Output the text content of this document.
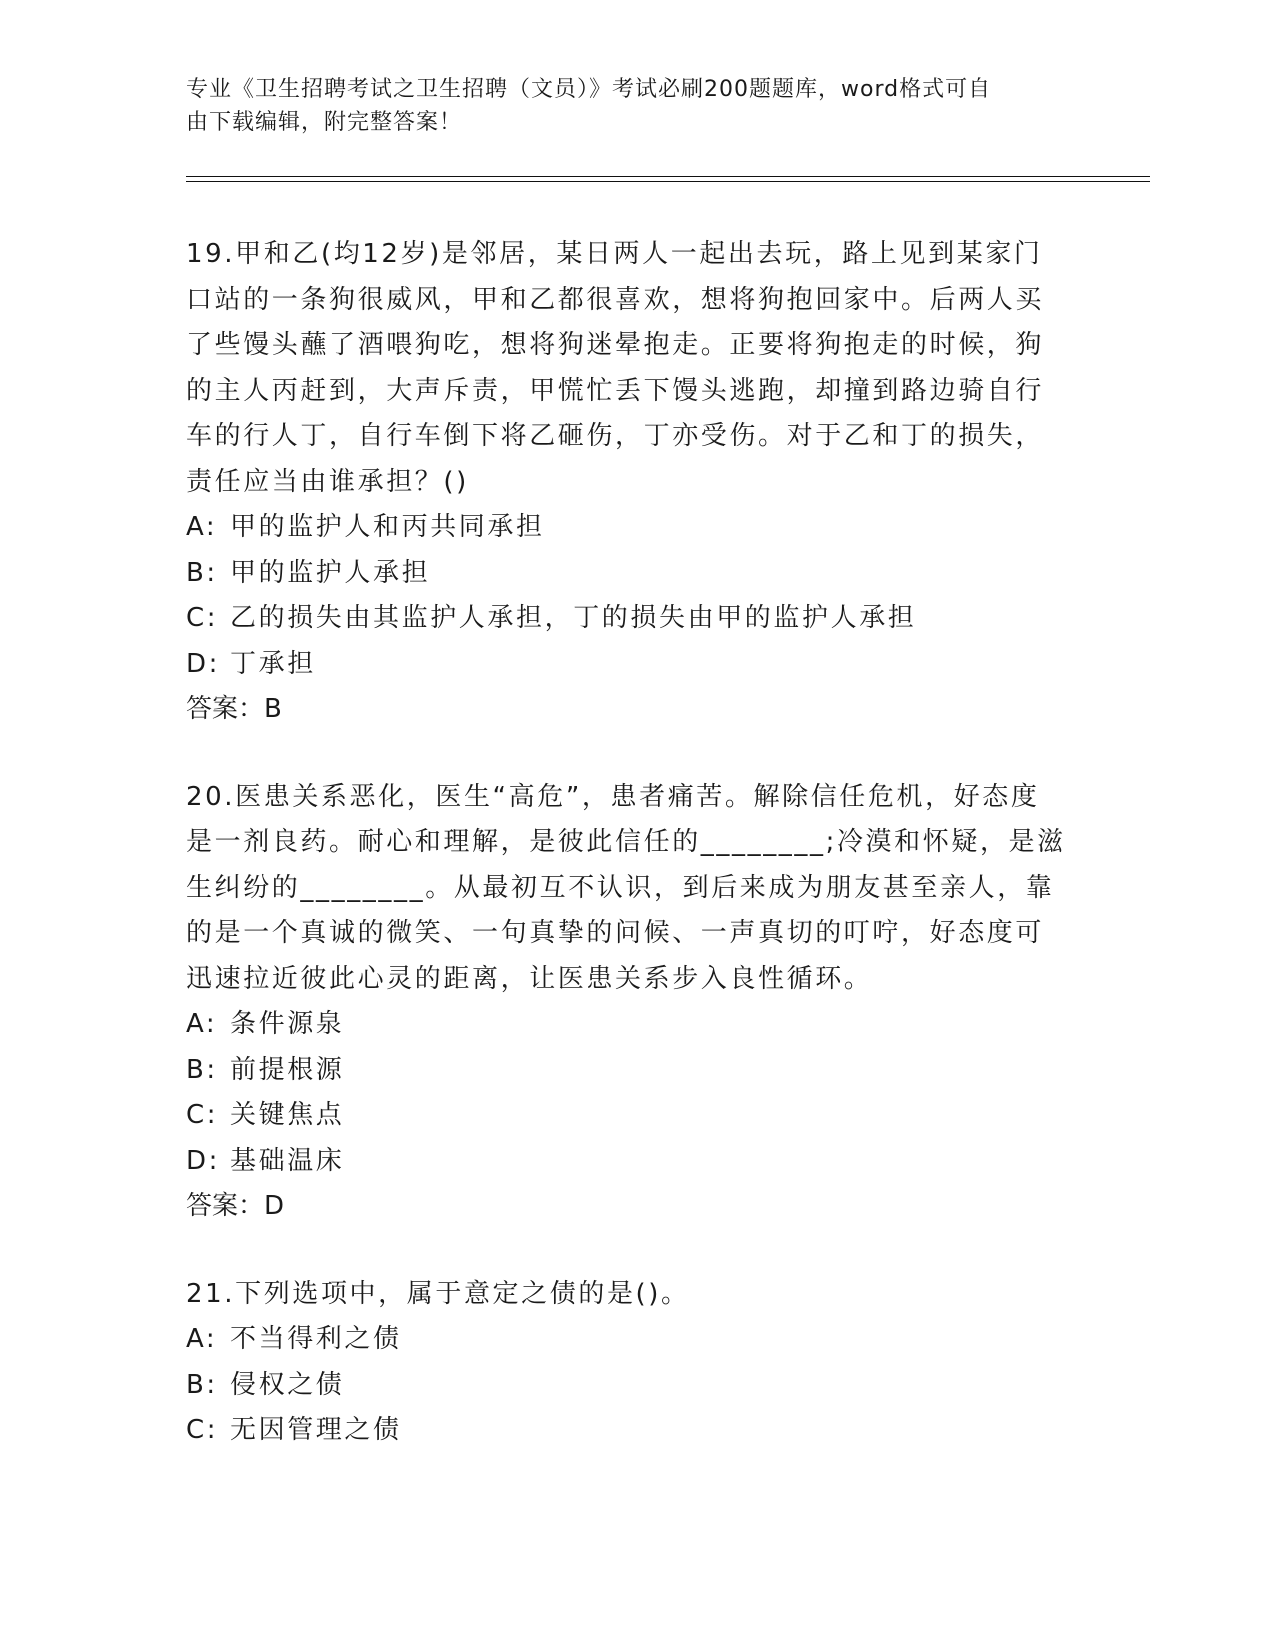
专业《卫生招聘考试之卫生招聘（文员）》考试必刷200题题库，word格式可自
由下载编辑，附完整答案！
19.甲和乙(均12岁)是邻居，某日两人一起出去玩，路上见到某家门
口站的一条狗很威风，甲和乙都很喜欢，想将狗抱回家中。后两人买
了些馒头蘸了酒喂狗吃，想将狗迷晕抱走。正要将狗抱走的时候，狗
的主人丙赶到，大声斥责，甲慌忙丢下馒头逃跑，却撞到路边骑自行
车的行人丁，自行车倒下将乙砸伤，丁亦受伤。对于乙和丁的损失，
责任应当由谁承担？()
A: 甲的监护人和丙共同承担
B: 甲的监护人承担
C: 乙的损失由其监护人承担，丁的损失由甲的监护人承担
D: 丁承担
答案：B
20.医患关系恶化，医生“高危”，患者痛苦。解除信任危机，好态度
是一剂良药。耐心和理解，是彼此信任的________;冷漠和怀疑，是滋
生纠纷的________。从最初互不认识，到后来成为朋友甚至亲人，靠
的是一个真诚的微笑、一句真挚的问候、一声真切的叮咛，好态度可
迅速拉近彼此心灵的距离，让医患关系步入良性循环。
A: 条件源泉
B: 前提根源
C: 关键焦点
D: 基础温床
答案：D
21.下列选项中，属于意定之债的是()。
A: 不当得利之债
B: 侵权之债
C: 无因管理之债
